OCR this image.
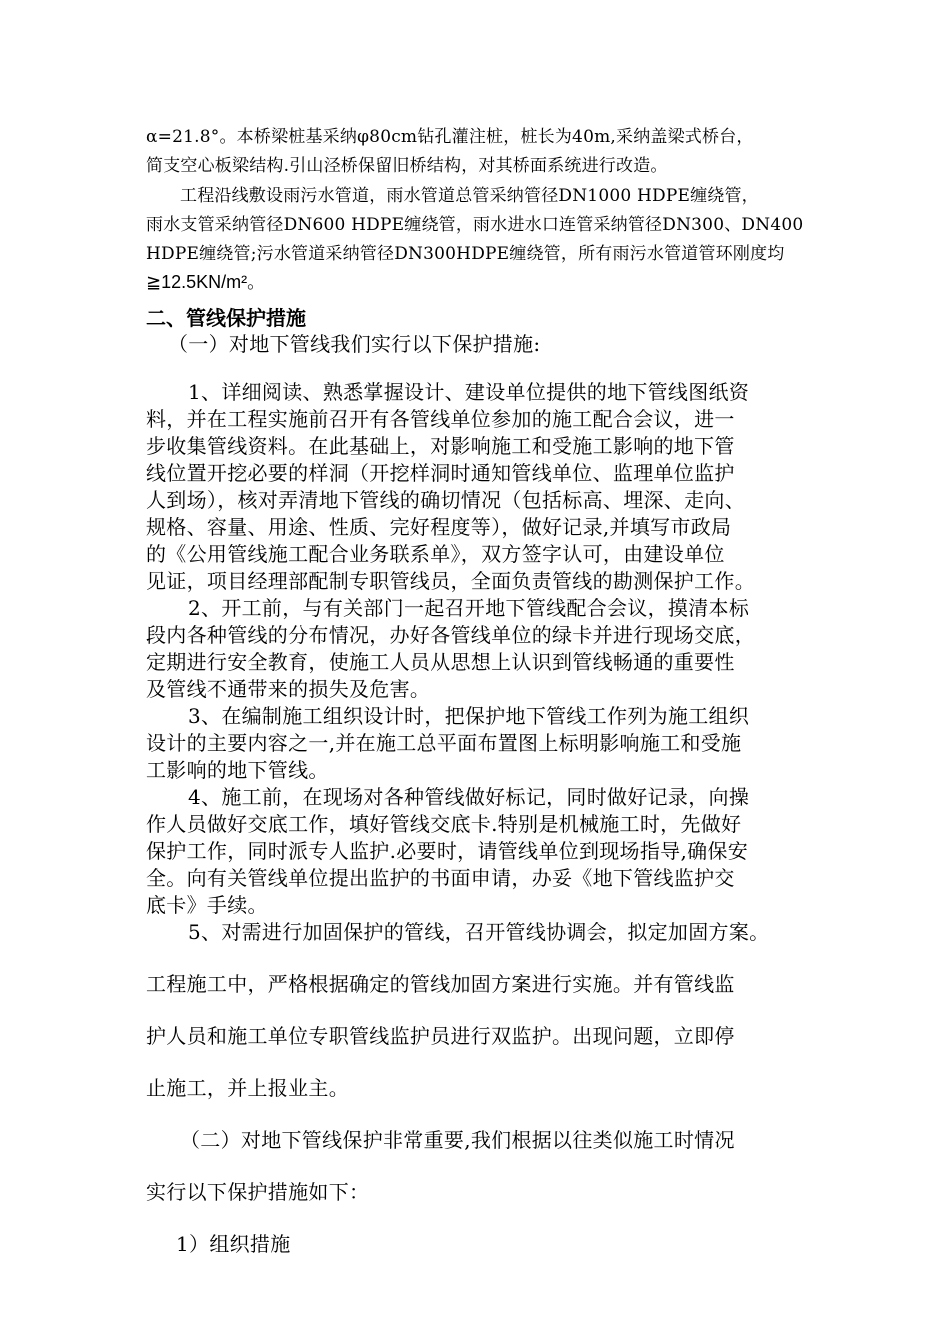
α=21.8°。本桥梁桩基采纳φ80cm钻孔灌注桩，桩长为40m,采纳盖梁式桥台，

简支空心板梁结构.引山泾桥保留旧桥结构，对其桥面系统进行改造。

工程沿线敷设雨污水管道，雨水管道总管采纳管径DN1000 HDPE缠绕管，

雨水支管采纳管径DN600 HDPE缠绕管，雨水进水口连管采纳管径DN300、DN400

HDPE缠绕管;污水管道采纳管径DN300HDPE缠绕管，所有雨污水管道管环刚度均

≧12.5KN/m²。

二、管线保护措施

（一）对地下管线我们实行以下保护措施:

1、详细阅读、熟悉掌握设计、建设单位提供的地下管线图纸资

料，并在工程实施前召开有各管线单位参加的施工配合会议，进一

步收集管线资料。在此基础上，对影响施工和受施工影响的地下管

线位置开挖必要的样洞（开挖样洞时通知管线单位、监理单位监护

人到场），核对弄清地下管线的确切情况（包括标高、埋深、走向、

规格、容量、用途、性质、完好程度等），做好记录,并填写市政局

的《公用管线施工配合业务联系单》，双方签字认可，由建设单位

见证，项目经理部配制专职管线员，全面负责管线的勘测保护工作。

2、开工前，与有关部门一起召开地下管线配合会议，摸清本标

段内各种管线的分布情况，办好各管线单位的绿卡并进行现场交底，

定期进行安全教育，使施工人员从思想上认识到管线畅通的重要性

及管线不通带来的损失及危害。

3、在编制施工组织设计时，把保护地下管线工作列为施工组织

设计的主要内容之一,并在施工总平面布置图上标明影响施工和受施

工影响的地下管线。

4、施工前，在现场对各种管线做好标记，同时做好记录，向操

作人员做好交底工作，填好管线交底卡.特别是机械施工时，先做好

保护工作，同时派专人监护.必要时，请管线单位到现场指导,确保安

全。向有关管线单位提出监护的书面申请，办妥《地下管线监护交

底卡》手续。

5、对需进行加固保护的管线，召开管线协调会，拟定加固方案。

工程施工中，严格根据确定的管线加固方案进行实施。并有管线监

护人员和施工单位专职管线监护员进行双监护。出现问题，立即停

止施工，并上报业主。

（二）对地下管线保护非常重要,我们根据以往类似施工时情况

实行以下保护措施如下：

1）组织措施
